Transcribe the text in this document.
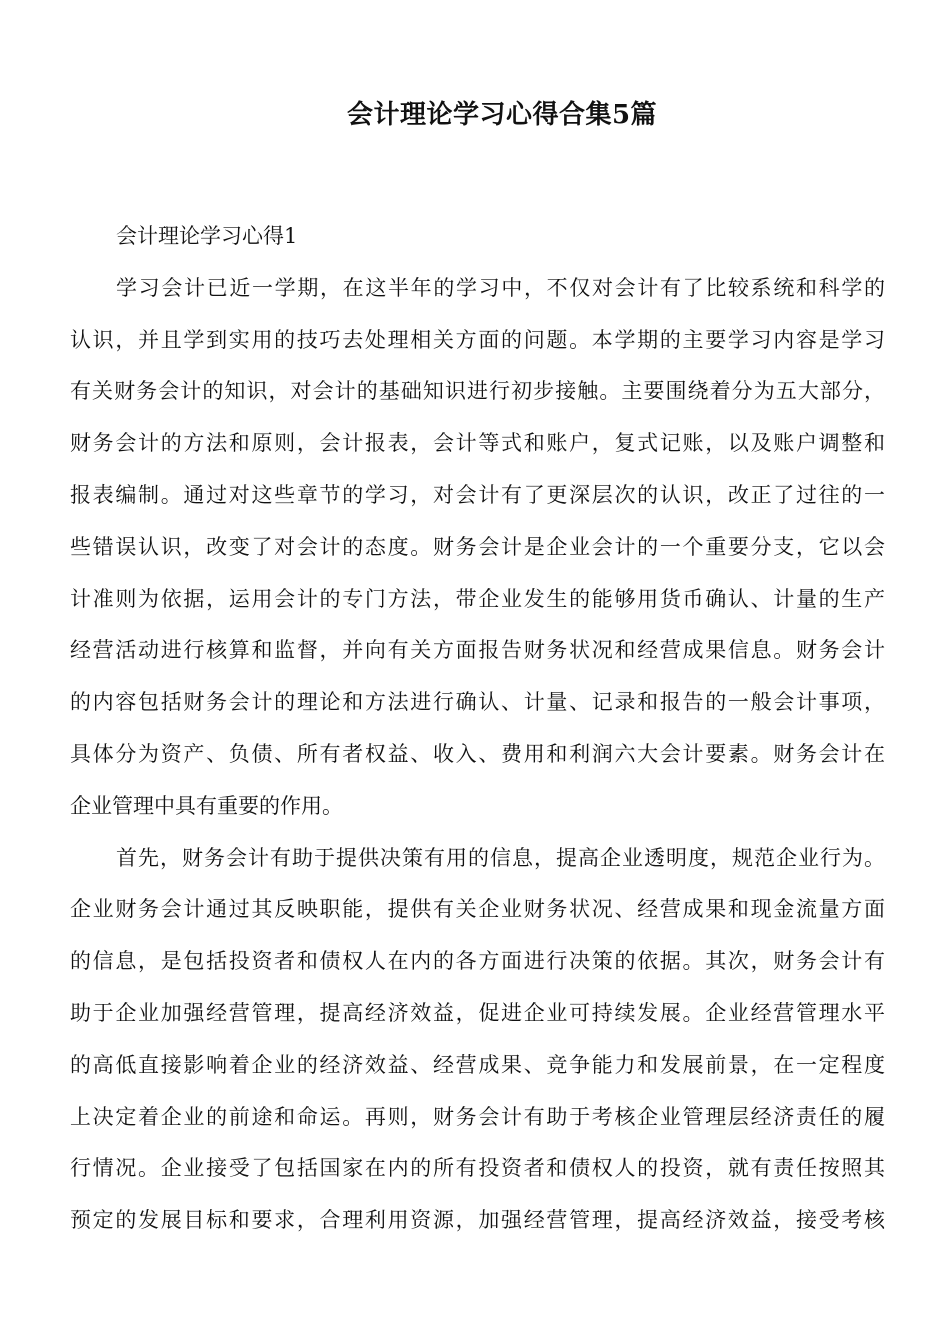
会计理论学习心得合集5篇
会计理论学习心得1
学习会计已近一学期，在这半年的学习中，不仅对会计有了比较系统和科学的
认识，并且学到实用的技巧去处理相关方面的问题。本学期的主要学习内容是学习
有关财务会计的知识，对会计的基础知识进行初步接触。主要围绕着分为五大部分，
财务会计的方法和原则，会计报表，会计等式和账户，复式记账，以及账户调整和
报表编制。通过对这些章节的学习，对会计有了更深层次的认识，改正了过往的一
些错误认识，改变了对会计的态度。财务会计是企业会计的一个重要分支，它以会
计准则为依据，运用会计的专门方法，带企业发生的能够用货币确认、计量的生产
经营活动进行核算和监督，并向有关方面报告财务状况和经营成果信息。财务会计
的内容包括财务会计的理论和方法进行确认、计量、记录和报告的一般会计事项，
具体分为资产、负债、所有者权益、收入、费用和利润六大会计要素。财务会计在
企业管理中具有重要的作用。
首先，财务会计有助于提供决策有用的信息，提高企业透明度，规范企业行为。
企业财务会计通过其反映职能，提供有关企业财务状况、经营成果和现金流量方面
的信息，是包括投资者和债权人在内的各方面进行决策的依据。其次，财务会计有
助于企业加强经营管理，提高经济效益，促进企业可持续发展。企业经营管理水平
的高低直接影响着企业的经济效益、经营成果、竞争能力和发展前景，在一定程度
上决定着企业的前途和命运。再则，财务会计有助于考核企业管理层经济责任的履
行情况。企业接受了包括国家在内的所有投资者和债权人的投资，就有责任按照其
预定的发展目标和要求，合理利用资源，加强经营管理，提高经济效益，接受考核
